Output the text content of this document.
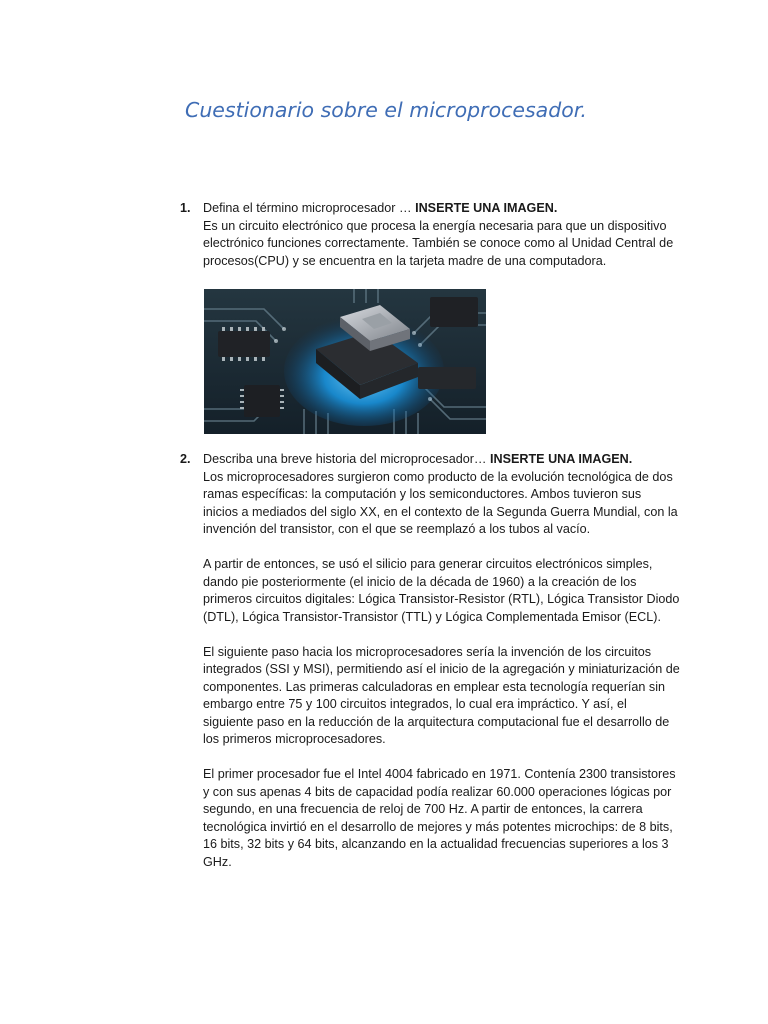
Cuestionario sobre el microprocesador.
1. Defina el término microprocesador … INSERTE UNA IMAGEN.

Es un circuito electrónico que procesa la energía necesaria para que un dispositivo

electrónico funciones correctamente. También se conoce como al Unidad Central de

procesos(CPU) y se encuentra en la tarjeta madre de una computadora.

2. Describa una breve historia del microprocesador… INSERTE UNA IMAGEN.

Los microprocesadores surgieron como producto de la evolución tecnológica de dos

ramas específicas: la computación y los semiconductores. Ambos tuvieron sus

inicios a mediados del siglo XX, en el contexto de la Segunda Guerra Mundial, con la

invención del transistor, con el que se reemplazó a los tubos al vacío.

A partir de entonces, se usó el silicio para generar circuitos electrónicos simples,

dando pie posteriormente (el inicio de la década de 1960) a la creación de los

primeros circuitos digitales: Lógica Transistor-Resistor (RTL), Lógica Transistor Diodo

(DTL), Lógica Transistor-Transistor (TTL) y Lógica Complementada Emisor (ECL).

El siguiente paso hacia los microprocesadores sería la invención de los circuitos

integrados (SSI y MSI), permitiendo así el inicio de la agregación y miniaturización de

componentes. Las primeras calculadoras en emplear esta tecnología requerían sin

embargo entre 75 y 100 circuitos integrados, lo cual era impráctico. Y así, el

siguiente paso en la reducción de la arquitectura computacional fue el desarrollo de

los primeros microprocesadores.

El primer procesador fue el Intel 4004 fabricado en 1971. Contenía 2300 transistores

y con sus apenas 4 bits de capacidad podía realizar 60.000 operaciones lógicas por

segundo, en una frecuencia de reloj de 700 Hz. A partir de entonces, la carrera

tecnológica invirtió en el desarrollo de mejores y más potentes microchips: de 8 bits,

16 bits, 32 bits y 64 bits, alcanzando en la actualidad frecuencias superiores a los 3

GHz.
